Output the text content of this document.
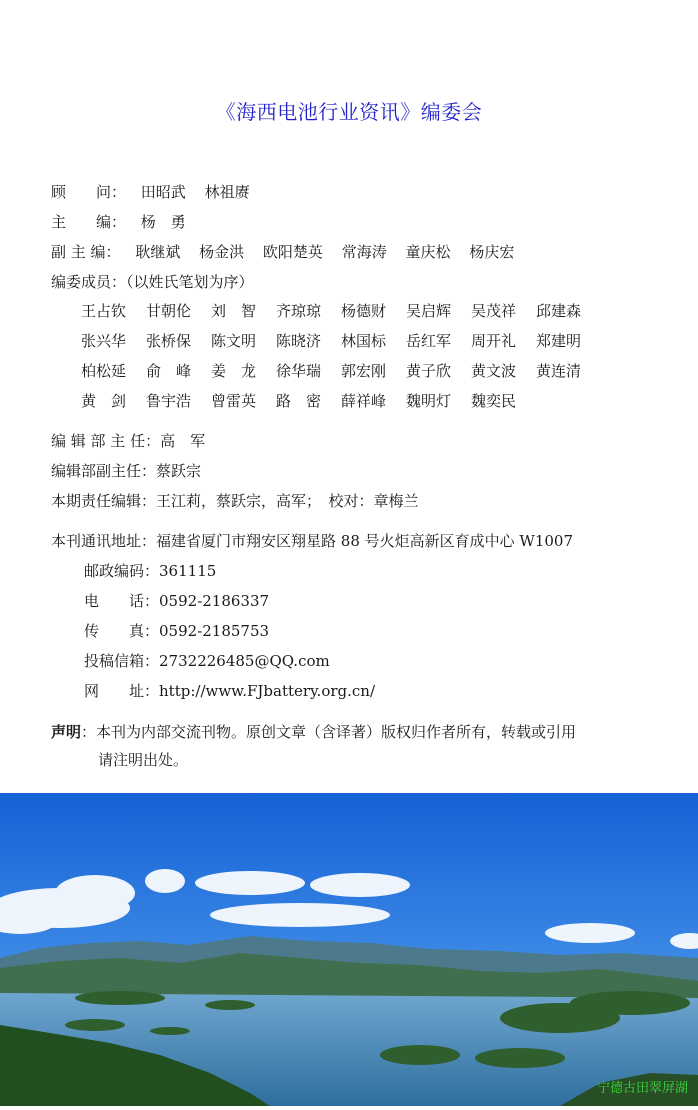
《海西电池行业资讯》编委会
顾　　问： 田昭武 林祖赓
主　　编： 杨　勇
副 主 编： 耿继斌 杨金洪 欧阳楚英 常海涛 童庆松 杨庆宏
编委成员：（以姓氏笔划为序）
王占钦 甘朝伦 刘　智 齐琼琼 杨德财 吴启辉 吴茂祥 邱建森
张兴华 张桥保 陈文明 陈晓济 林国标 岳红军 周开礼 郑建明
柏松延 俞　峰 姜　龙 徐华瑞 郭宏刚 黄子欣 黄文波 黄连清
黄　剑 鲁宇浩 曾雷英 路　密 薛祥峰 魏明灯 魏奕民
编 辑 部 主 任：高　军
编辑部副主任：蔡跃宗
本期责任编辑：王江莉，蔡跃宗，高军；　校对：章梅兰
本刊通讯地址：福建省厦门市翔安区翔星路 88 号火炬高新区育成中心 W1007
邮政编码：361115
电　　话：0592-2186337
传　　真：0592-2185753
投稿信箱：2732226485@QQ.com
网　　址：http://www.FJbattery.org.cn/
声明：本刊为内部交流刊物。原创文章（含译著）版权归作者所有，转载或引用
请注明出处。
宁德古田翠屏湖
